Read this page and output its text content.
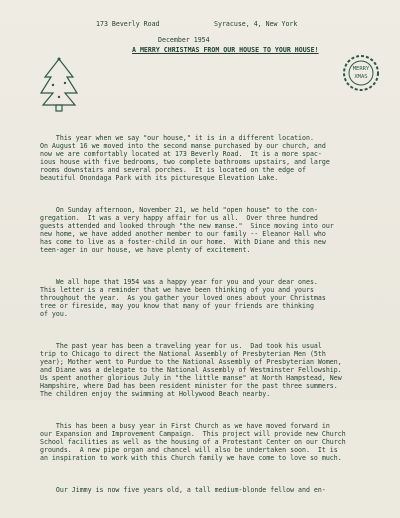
173 Beverly Road	Syracuse, 4, New York
December 1954
A MERRY CHRISTMAS FROM OUR HOUSE TO YOUR HOUSE!
MERRY
XMAS

This year when we say "our house," it is in a different location.
On August 16 we moved into the second manse purchased by our church, and
now we are comfortably located at 173 Beverly Road.  It is a more spac-
ious house with five bedrooms, two complete bathrooms upstairs, and large
rooms downstairs and several porches.  It is located on the edge of
beautiful Onondaga Park with its picturesque Elevation Lake.

On Sunday afternoon, November 21, we held "open house" to the con-
gregation.  It was a very happy affair for us all.  Over three hundred
guests attended and looked through "the new manse."  Since moving into our
new home, we have added another member to our family -- Eleanor Hall who
has come to live as a foster-child in our home.  With Diane and this new
teen-ager in our house, we have plenty of excitement.

We all hope that 1954 was a happy year for you and your dear ones.
This letter is a reminder that we have been thinking of you and yours
throughout the year.  As you gather your loved ones about your Christmas
tree or fireside, may you know that many of your friends are thinking
of you.

The past year has been a traveling year for us.  Dad took his usual
trip to Chicago to direct the National Assembly of Presbyterian Men (5th
year); Mother went to Purdue to the National Assembly of Presbyterian Women,
and Diane was a delegate to the National Assembly of Westminster Fellowship.
Us spent another glorious July in "the little manse" at North Hampstead, New
Hampshire, where Dad has been resident minister for the past three summers.
The children enjoy the swimming at Hollywood Beach nearby.

This has been a busy year in First Church as we have moved forward in
our Expansion and Improvement Campaign.  This project will provide new Church
School facilities as well as the housing of a Protestant Center on our Church
grounds.  A new pipe organ and chancel will also be undertaken soon.  It is
an inspiration to work with this Church family we have come to love so much.

Our Jimmy is now five years old, a tall medium-blonde fellow and en-
